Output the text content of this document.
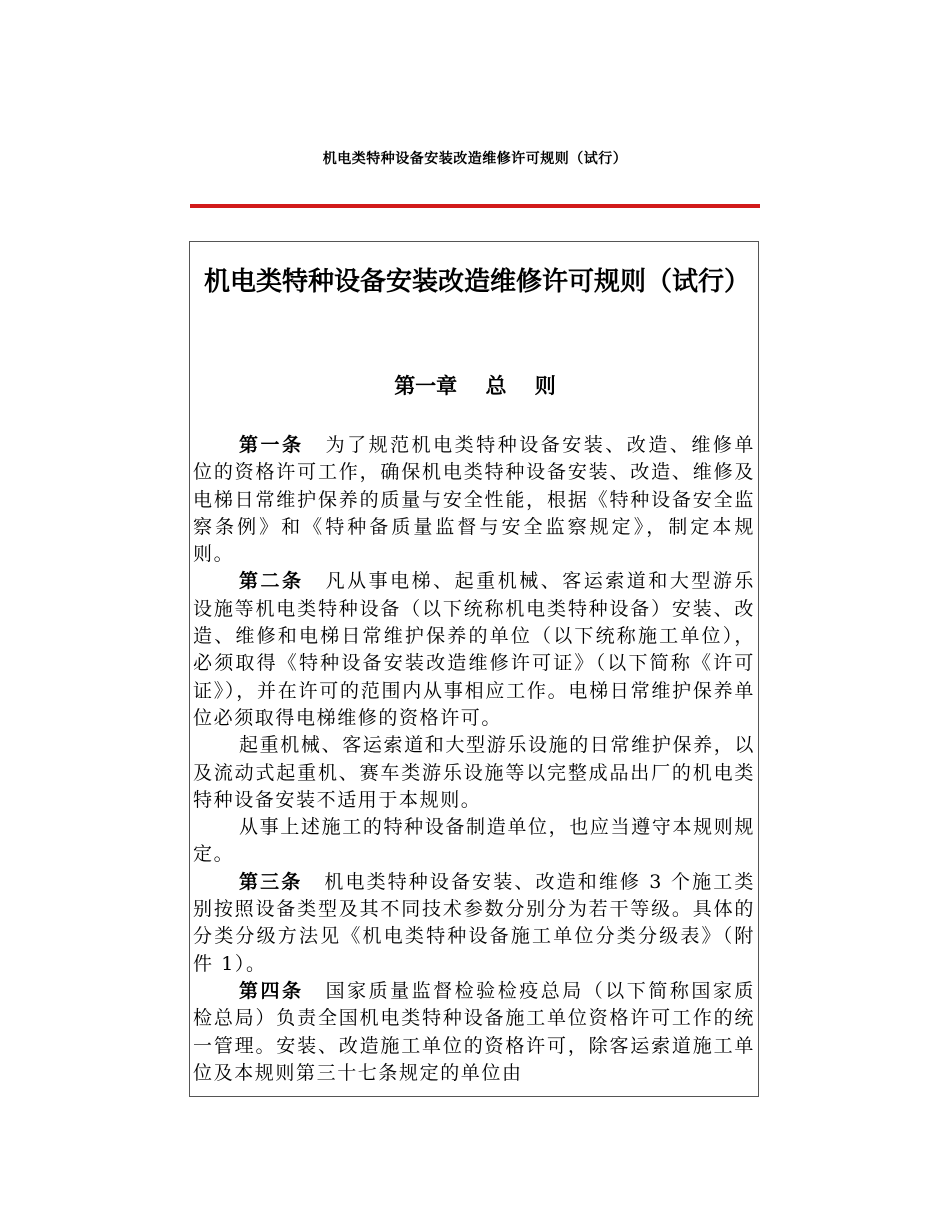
机电类特种设备安装改造维修许可规则（试行）
机电类特种设备安装改造维修许可规则（试行）
第一章　 总　 则

第一条 为了规范机电类特种设备安装、改造、维修单位的资格许可工作，确保机电类特种设备安装、改造、维修及电梯日常维护保养的质量与安全性能，根据《特种设备安全监察条例》和《特种备质量监督与安全监察规定》，制定本规则。

第二条 凡从事电梯、起重机械、客运索道和大型游乐设施等机电类特种设备（以下统称机电类特种设备）安装、改造、维修和电梯日常维护保养的单位（以下统称施工单位），必须取得《特种设备安装改造维修许可证》（以下简称《许可证》），并在许可的范围内从事相应工作。电梯日常维护保养单位必须取得电梯维修的资格许可。

起重机械、客运索道和大型游乐设施的日常维护保养，以及流动式起重机、赛车类游乐设施等以完整成品出厂的机电类特种设备安装不适用于本规则。

从事上述施工的特种设备制造单位，也应当遵守本规则规定。

第三条 机电类特种设备安装、改造和维修 3 个施工类别按照设备类型及其不同技术参数分别分为若干等级。具体的分类分级方法见《机电类特种设备施工单位分类分级表》（附件 1）。

第四条 国家质量监督检验检疫总局（以下简称国家质检总局）负责全国机电类特种设备施工单位资格许可工作的统一管理。安装、改造施工单位的资格许可，除客运索道施工单位及本规则第三十七条规定的单位由
